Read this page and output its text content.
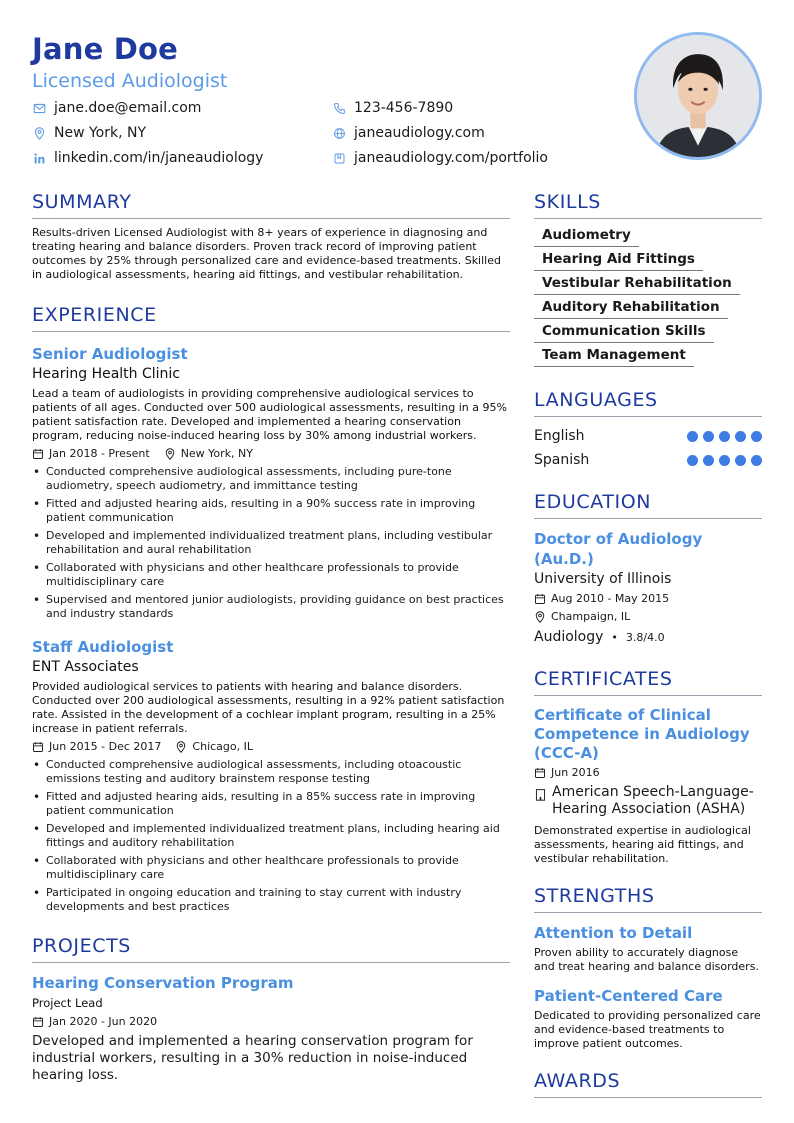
Jane Doe
Licensed Audiologist
jane.doe@email.com	123-456-7890
New York, NY	janeaudiology.com
linkedin.com/in/janeaudiology	janeaudiology.com/portfolio
SUMMARY

Results-driven Licensed Audiologist with 8+ years of experience in diagnosing and treating hearing and balance disorders. Proven track record of improving patient outcomes by 25% through personalized care and evidence-based treatments. Skilled in audiological assessments, hearing aid fittings, and vestibular rehabilitation.

EXPERIENCE
Senior Audiologist
Hearing Health Clinic

Lead a team of audiologists in providing comprehensive audiological services to patients of all ages. Conducted over 500 audiological assessments, resulting in a 95% patient satisfaction rate. Developed and implemented a hearing conservation program, reducing noise-induced hearing loss by 30% among industrial workers.

Jan 2018 - Present	New York, NY
• Conducted comprehensive audiological assessments, including pure-tone audiometry, speech audiometry, and immittance testing
• Fitted and adjusted hearing aids, resulting in a 90% success rate in improving patient communication
• Developed and implemented individualized treatment plans, including vestibular rehabilitation and aural rehabilitation
• Collaborated with physicians and other healthcare professionals to provide multidisciplinary care
• Supervised and mentored junior audiologists, providing guidance on best practices and industry standards
Staff Audiologist
ENT Associates

Provided audiological services to patients with hearing and balance disorders. Conducted over 200 audiological assessments, resulting in a 92% patient satisfaction rate. Assisted in the development of a cochlear implant program, resulting in a 25% increase in patient referrals.

Jun 2015 - Dec 2017	Chicago, IL
• Conducted comprehensive audiological assessments, including otoacoustic emissions testing and auditory brainstem response testing
• Fitted and adjusted hearing aids, resulting in a 85% success rate in improving patient communication
• Developed and implemented individualized treatment plans, including hearing aid fittings and auditory rehabilitation
• Collaborated with physicians and other healthcare professionals to provide multidisciplinary care
• Participated in ongoing education and training to stay current with industry developments and best practices
PROJECTS
Hearing Conservation Program
Project Lead
Jan 2020 - Jun 2020

Developed and implemented a hearing conservation program for industrial workers, resulting in a 30% reduction in noise-induced hearing loss.

SKILLS
Audiometry
Hearing Aid Fittings
Vestibular Rehabilitation
Auditory Rehabilitation
Communication Skills
Team Management
LANGUAGES
English
Spanish
EDUCATION
Doctor of Audiology (Au.D.)
University of Illinois
Aug 2010 - May 2015
Champaign, IL
Audiology • 3.8/4.0
CERTIFICATES
Certificate of Clinical Competence in Audiology (CCC-A)
Jun 2016
American Speech-Language-Hearing Association (ASHA)

Demonstrated expertise in audiological assessments, hearing aid fittings, and vestibular rehabilitation.

STRENGTHS
Attention to Detail

Proven ability to accurately diagnose and treat hearing and balance disorders.

Patient-Centered Care

Dedicated to providing personalized care and evidence-based treatments to improve patient outcomes.

AWARDS
